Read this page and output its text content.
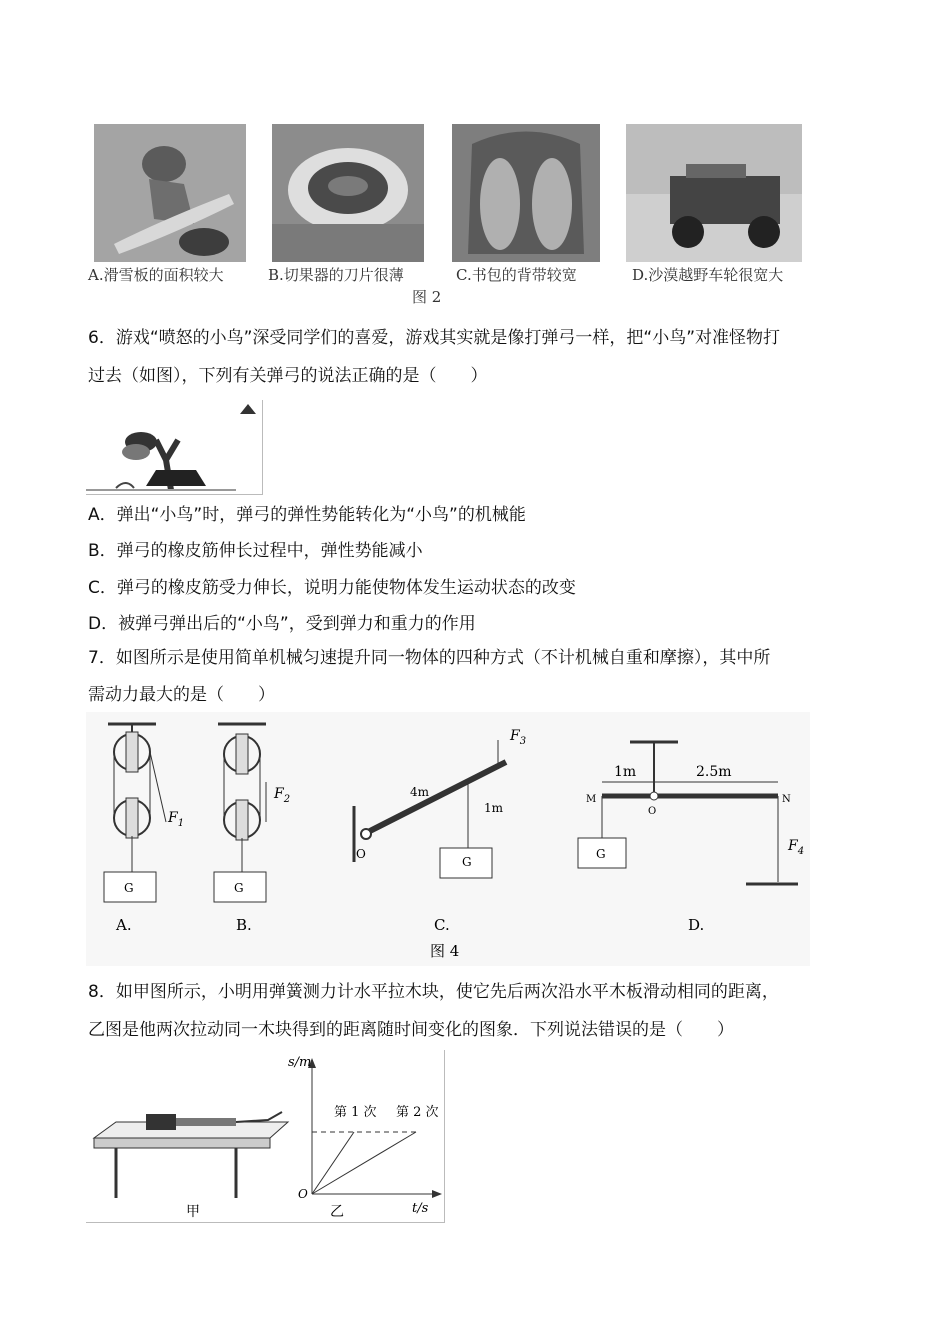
A.滑雪板的面积较大	B.切果器的刀片很薄	C.书包的背带较宽	D.沙漠越野车轮很宽大
图 2
6．游戏“喷怒的小鸟”深受同学们的喜爱，游戏其实就是像打弹弓一样，把“小鸟”对准怪物打
过去（如图），下列有关弹弓的说法正确的是（　　）
A．弹出“小鸟”时，弹弓的弹性势能转化为“小鸟”的机械能
B．弹弓的橡皮筋伸长过程中，弹性势能减小
C．弹弓的橡皮筋受力伸长，说明力能使物体发生运动状态的改变
D．被弹弓弹出后的“小鸟”，受到弹力和重力的作用
7．如图所示是使用简单机械匀速提升同一物体的四种方式（不计机械自重和摩擦），其中所
需动力最大的是（　　）
$F_1$
G
A.
$F_2$
G
B.
4m
1m
O
$F_3$
G
C.
1m	2.5m
M
O
N
$F_4$
G
D.
图 4
8．如甲图所示，小明用弹簧测力计水平拉木块，使它先后两次沿水平木板滑动相同的距离，
乙图是他两次拉动同一木块得到的距离随时间变化的图象．下列说法错误的是（　　）
甲
s/m
t/s
O
第 1 次 第 2 次
乙
